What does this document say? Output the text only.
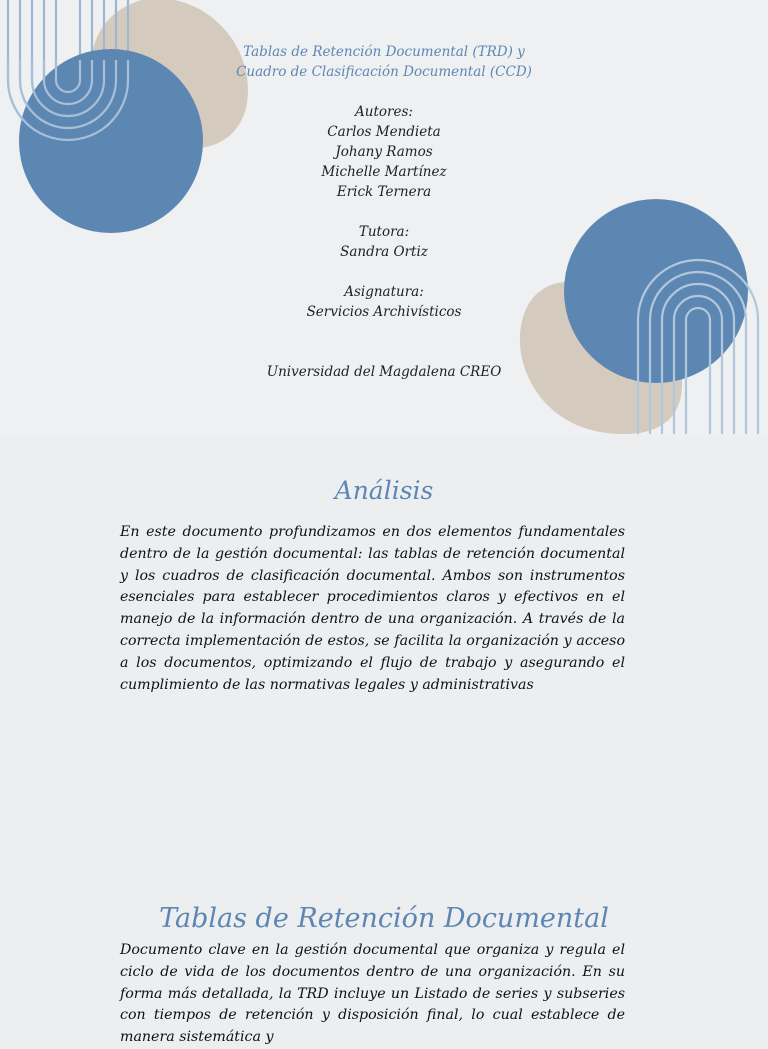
Tablas de Retención Documental (TRD) y
Cuadro de Clasificación Documental (CCD)
Autores:
Carlos Mendieta
Johany Ramos
Michelle Martínez
Erick Ternera
Tutora:
Sandra Ortiz
Asignatura:
Servicios Archivísticos
Universidad del Magdalena CREO
Análisis

En este documento profundizamos en dos elementos fundamentales dentro de la gestión documental: las tablas de retención documental y los cuadros de clasificación documental. Ambos son instrumentos esenciales para establecer procedimientos claros y efectivos en el manejo de la información dentro de una organización. A través de la correcta implementación de estos, se facilita la organización y acceso a los documentos, optimizando el flujo de trabajo y asegurando el cumplimiento de las normativas legales y administrativas

Tablas de Retención Documental

Documento clave en la gestión documental que organiza y regula el ciclo de vida de los documentos dentro de una organización. En su forma más detallada, la TRD incluye un Listado de series y subseries con tiempos de retención y disposición final, lo cual establece de manera sistemática y
